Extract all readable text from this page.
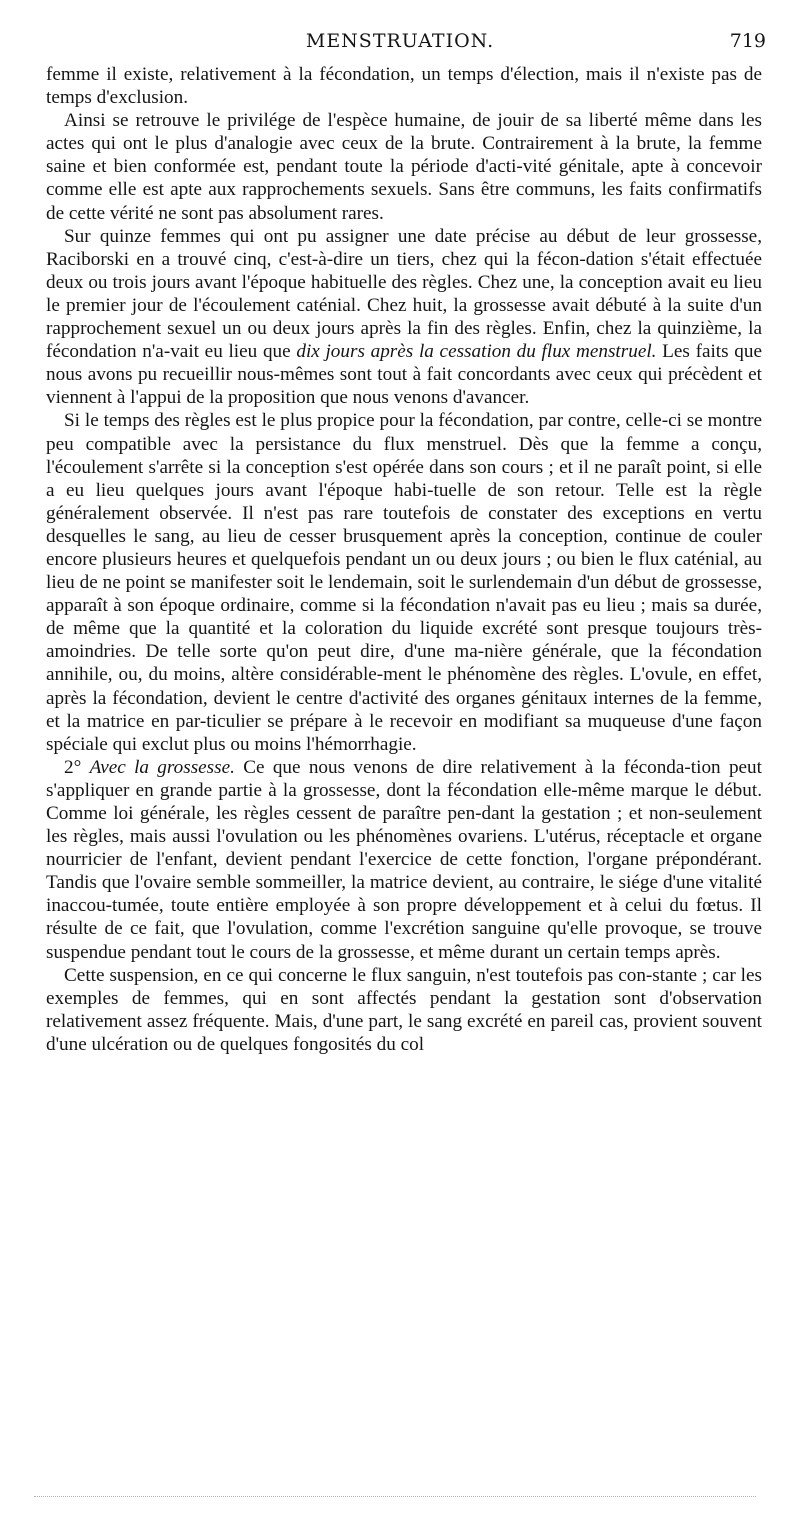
MENSTRUATION.	719

femme il existe, relativement à la fécondation, un temps d'élection, mais il n'existe pas de temps d'exclusion.

Ainsi se retrouve le privilége de l'espèce humaine, de jouir de sa liberté même dans les actes qui ont le plus d'analogie avec ceux de la brute. Contrairement à la brute, la femme saine et bien conformée est, pendant toute la période d'acti-vité génitale, apte à concevoir comme elle est apte aux rapprochements sexuels. Sans être communs, les faits confirmatifs de cette vérité ne sont pas absolument rares.

Sur quinze femmes qui ont pu assigner une date précise au début de leur grossesse, Raciborski en a trouvé cinq, c'est-à-dire un tiers, chez qui la fécon-dation s'était effectuée deux ou trois jours avant l'époque habituelle des règles. Chez une, la conception avait eu lieu le premier jour de l'écoulement caténial. Chez huit, la grossesse avait débuté à la suite d'un rapprochement sexuel un ou deux jours après la fin des règles. Enfin, chez la quinzième, la fécondation n'a-vait eu lieu que dix jours après la cessation du flux menstruel. Les faits que nous avons pu recueillir nous-mêmes sont tout à fait concordants avec ceux qui précèdent et viennent à l'appui de la proposition que nous venons d'avancer.

Si le temps des règles est le plus propice pour la fécondation, par contre, celle-ci se montre peu compatible avec la persistance du flux menstruel. Dès que la femme a conçu, l'écoulement s'arrête si la conception s'est opérée dans son cours ; et il ne paraît point, si elle a eu lieu quelques jours avant l'époque habi-tuelle de son retour. Telle est la règle généralement observée. Il n'est pas rare toutefois de constater des exceptions en vertu desquelles le sang, au lieu de cesser brusquement après la conception, continue de couler encore plusieurs heures et quelquefois pendant un ou deux jours ; ou bien le flux caténial, au lieu de ne point se manifester soit le lendemain, soit le surlendemain d'un début de grossesse, apparaît à son époque ordinaire, comme si la fécondation n'avait pas eu lieu ; mais sa durée, de même que la quantité et la coloration du liquide excrété sont presque toujours très-amoindries. De telle sorte qu'on peut dire, d'une ma-nière générale, que la fécondation annihile, ou, du moins, altère considérable-ment le phénomène des règles. L'ovule, en effet, après la fécondation, devient le centre d'activité des organes génitaux internes de la femme, et la matrice en par-ticulier se prépare à le recevoir en modifiant sa muqueuse d'une façon spéciale qui exclut plus ou moins l'hémorrhagie.

2° Avec la grossesse. Ce que nous venons de dire relativement à la féconda-tion peut s'appliquer en grande partie à la grossesse, dont la fécondation elle-même marque le début. Comme loi générale, les règles cessent de paraître pen-dant la gestation ; et non-seulement les règles, mais aussi l'ovulation ou les phénomènes ovariens. L'utérus, réceptacle et organe nourricier de l'enfant, devient pendant l'exercice de cette fonction, l'organe prépondérant. Tandis que l'ovaire semble sommeiller, la matrice devient, au contraire, le siége d'une vitalité inaccou-tumée, toute entière employée à son propre développement et à celui du fœtus. Il résulte de ce fait, que l'ovulation, comme l'excrétion sanguine qu'elle provoque, se trouve suspendue pendant tout le cours de la grossesse, et même durant un certain temps après.

Cette suspension, en ce qui concerne le flux sanguin, n'est toutefois pas con-stante ; car les exemples de femmes, qui en sont affectés pendant la gestation sont d'observation relativement assez fréquente. Mais, d'une part, le sang excrété en pareil cas, provient souvent d'une ulcération ou de quelques fongosités du col
